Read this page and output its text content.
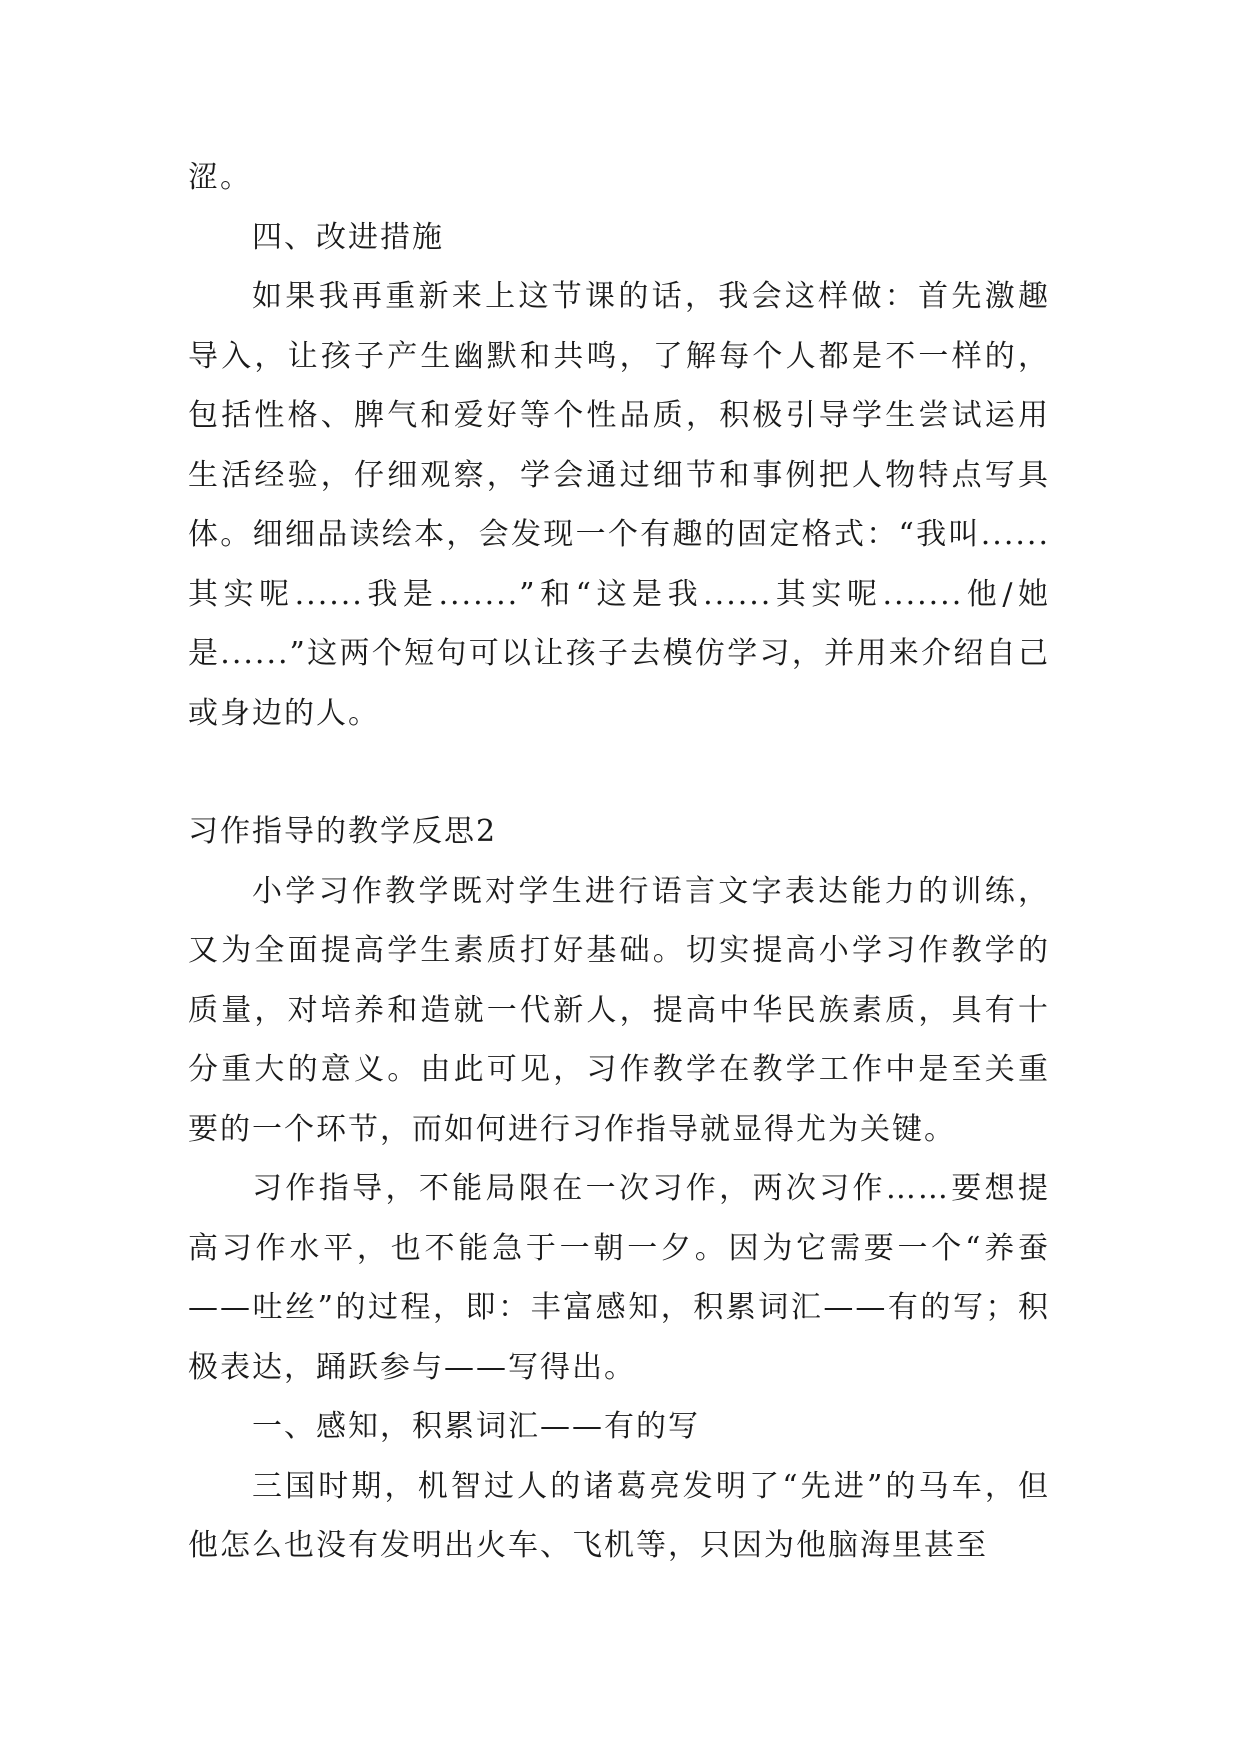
涩。

四、改进措施

如果我再重新来上这节课的话，我会这样做：首先激趣导入，让孩子产生幽默和共鸣，了解每个人都是不一样的，包括性格、脾气和爱好等个性品质，积极引导学生尝试运用生活经验，仔细观察，学会通过细节和事例把人物特点写具体。细细品读绘本，会发现一个有趣的固定格式：“我叫......其实呢......我是.......”和“这是我......其实呢.......他/她是......”这两个短句可以让孩子去模仿学习，并用来介绍自己或身边的人。

习作指导的教学反思2

小学习作教学既对学生进行语言文字表达能力的训练，又为全面提高学生素质打好基础。切实提高小学习作教学的质量，对培养和造就一代新人，提高中华民族素质，具有十分重大的意义。由此可见，习作教学在教学工作中是至关重要的一个环节，而如何进行习作指导就显得尤为关键。

习作指导，不能局限在一次习作，两次习作……要想提高习作水平，也不能急于一朝一夕。因为它需要一个“养蚕——吐丝”的过程，即：丰富感知，积累词汇——有的写；积极表达，踊跃参与——写得出。

一、感知，积累词汇——有的写

三国时期，机智过人的诸葛亮发明了“先进”的马车，但他怎么也没有发明出火车、飞机等，只因为他脑海里甚至
